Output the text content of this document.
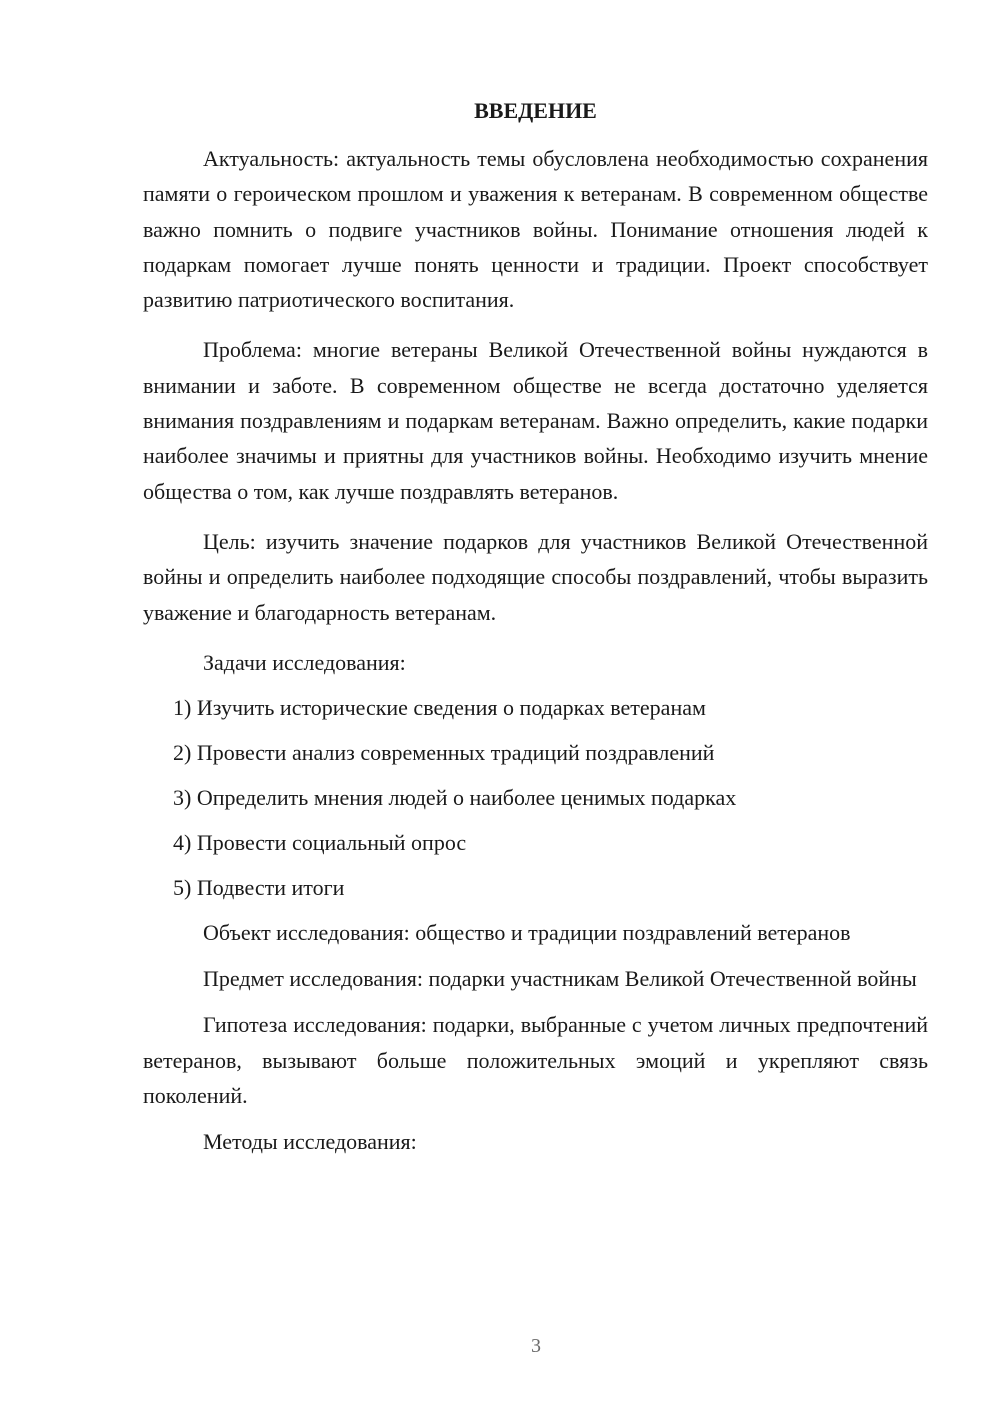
ВВЕДЕНИЕ

Актуальность: актуальность темы обусловлена необходимостью сохранения памяти о героическом прошлом и уважения к ветеранам. В современном обществе важно помнить о подвиге участников войны. Понимание отношения людей к подаркам помогает лучше понять ценности и традиции. Проект способствует развитию патриотического воспитания.

Проблема: многие ветераны Великой Отечественной войны нуждаются в внимании и заботе. В современном обществе не всегда достаточно уделяется внимания поздравлениям и подаркам ветеранам. Важно определить, какие подарки наиболее значимы и приятны для участников войны. Необходимо изучить мнение общества о том, как лучше поздравлять ветеранов.

Цель: изучить значение подарков для участников Великой Отечественной войны и определить наиболее подходящие способы поздравлений, чтобы выразить уважение и благодарность ветеранам.

Задачи исследования:

1) Изучить исторические сведения о подарках ветеранам
2) Провести анализ современных традиций поздравлений
3) Определить мнения людей о наиболее ценимых подарках
4) Провести социальный опрос
5) Подвести итоги

Объект исследования: общество и традиции поздравлений ветеранов

Предмет исследования: подарки участникам Великой Отечественной войны

Гипотеза исследования: подарки, выбранные с учетом личных предпочтений ветеранов, вызывают больше положительных эмоций и укрепляют связь поколений.

Методы исследования:

3
